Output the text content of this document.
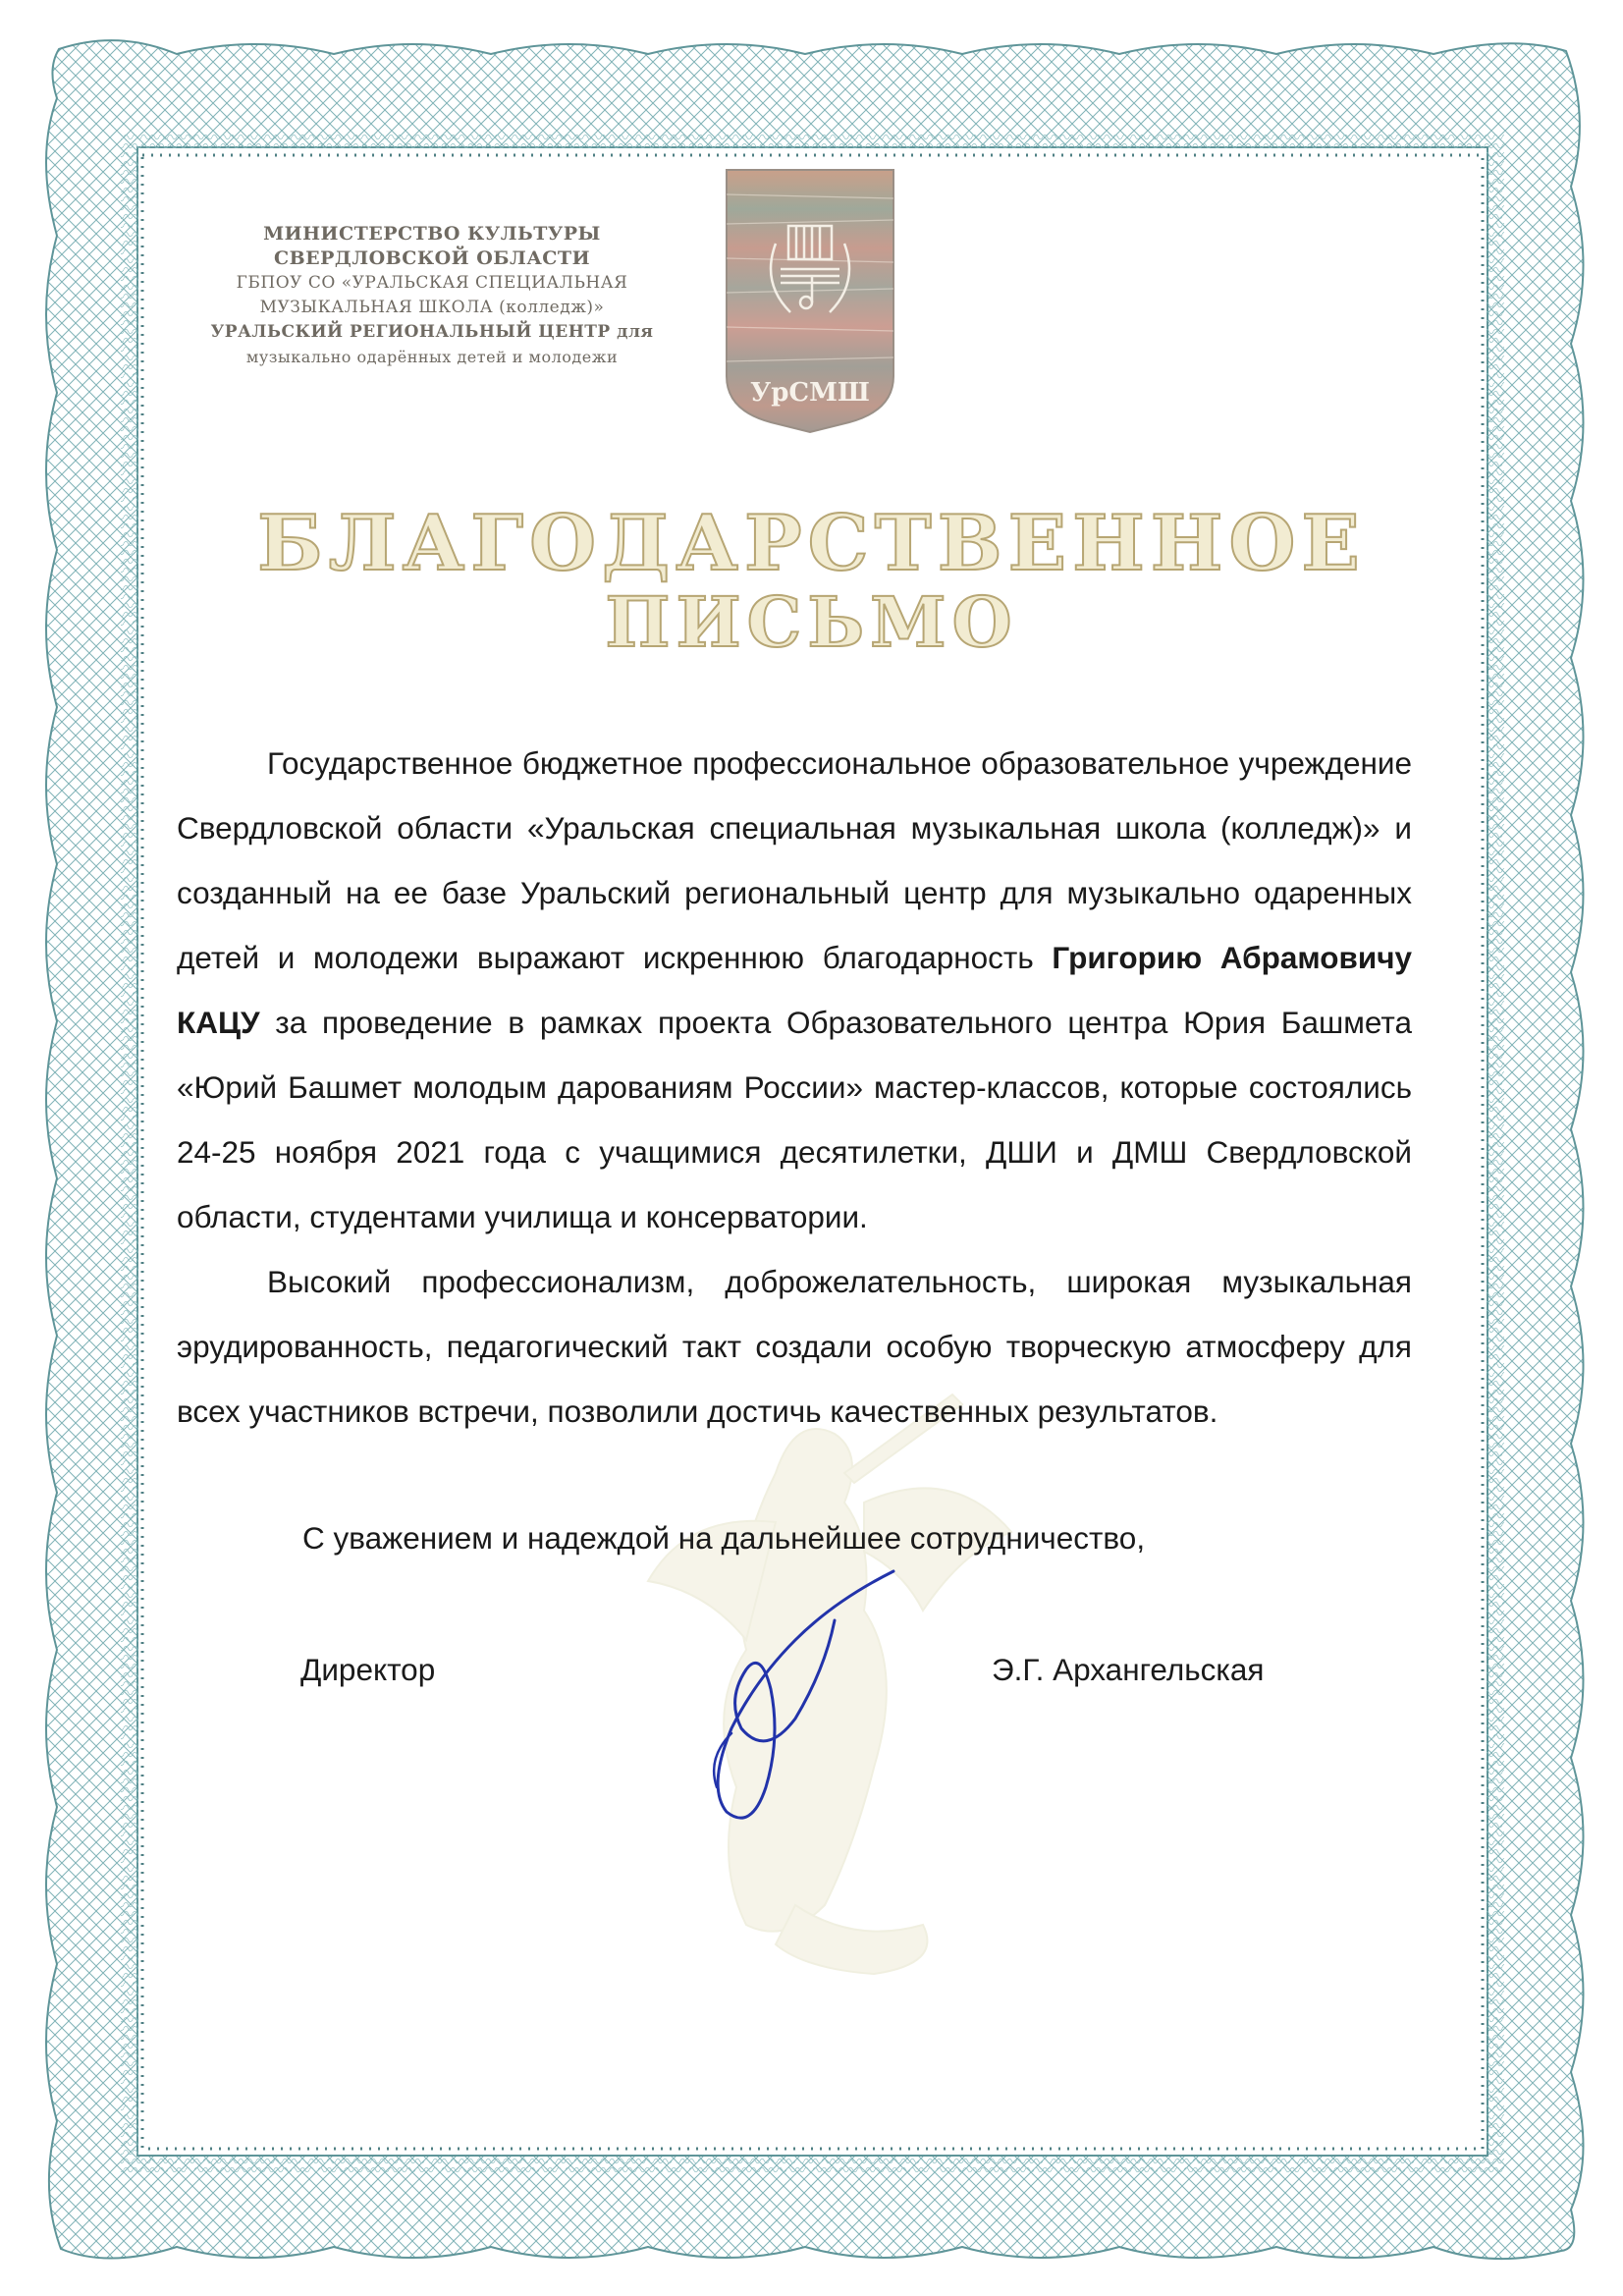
МИНИСТЕРСТВО КУЛЬТУРЫ
СВЕРДЛОВСКОЙ ОБЛАСТИ
ГБПОУ СО «УРАЛЬСКАЯ СПЕЦИАЛЬНАЯ
МУЗЫКАЛЬНАЯ ШКОЛА (колледж)»
УРАЛЬСКИЙ РЕГИОНАЛЬНЫЙ ЦЕНТР для
музыкально одарённых детей и молодежи
УрСМШ
БЛАГОДАРСТВЕННОЕ
ПИСЬМО

Государственное бюджетное профессиональное образовательное учреждение Свердловской области «Уральская специальная музыкальная школа (колледж)» и созданный на ее базе Уральский региональный центр для музыкально одаренных детей и молодежи выражают искреннюю благодарность Григорию Абрамовичу КАЦУ за проведение в рамках проекта Образовательного центра Юрия Башмета «Юрий Башмет молодым дарованиям России» мастер-классов, которые состоялись 24-25 ноября 2021 года с учащимися десятилетки, ДШИ и ДМШ Свердловской области, студентами училища и консерватории.

Высокий профессионализм, доброжелательность, широкая музыкальная эрудированность, педагогический такт создали особую творческую атмосферу для всех участников встречи, позволили достичь качественных результатов.

С уважением и надеждой на дальнейшее сотрудничество,
Директор	Э.Г. Архангельская
